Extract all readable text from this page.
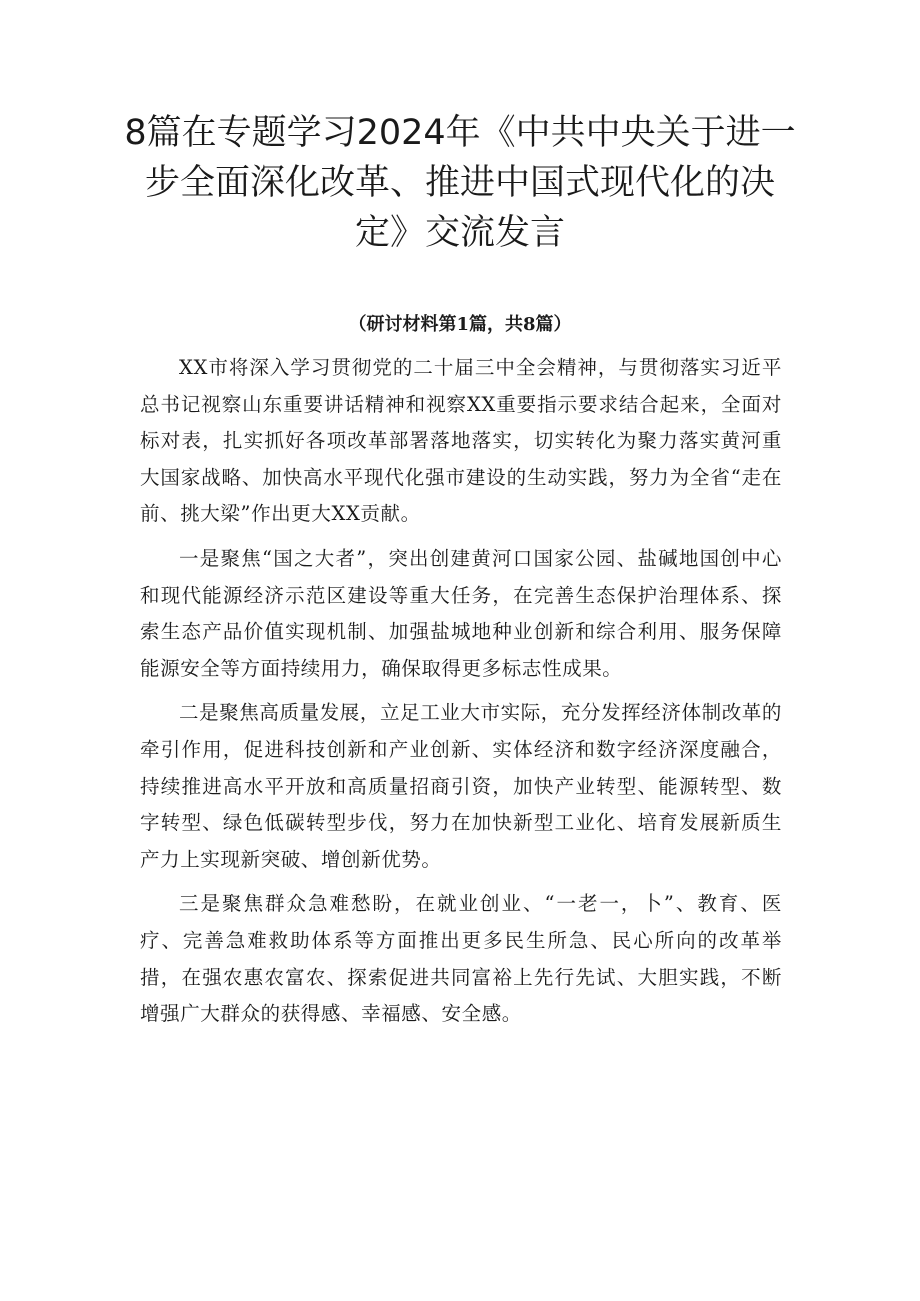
8篇在专题学习2024年《中共中央关于进一步全面深化改革、推进中国式现代化的决定》交流发言
（研讨材料第1篇，共8篇）

XX市将深入学习贯彻党的二十届三中全会精神，与贯彻落实习近平总书记视察山东重要讲话精神和视察XX重要指示要求结合起来，全面对标对表，扎实抓好各项改革部署落地落实，切实转化为聚力落实黄河重大国家战略、加快高水平现代化强市建设的生动实践，努力为全省“走在前、挑大梁”作出更大XX贡献。

一是聚焦“国之大者”，突出创建黄河口国家公园、盐碱地国创中心和现代能源经济示范区建设等重大任务，在完善生态保护治理体系、探索生态产品价值实现机制、加强盐城地种业创新和综合利用、服务保障能源安全等方面持续用力，确保取得更多标志性成果。

二是聚焦高质量发展，立足工业大市实际，充分发挥经济体制改革的牵引作用，促进科技创新和产业创新、实体经济和数字经济深度融合，持续推进高水平开放和高质量招商引资，加快产业转型、能源转型、数字转型、绿色低碳转型步伐，努力在加快新型工业化、培育发展新质生产力上实现新突破、增创新优势。

三是聚焦群众急难愁盼，在就业创业、“一老一，卜”、教育、医疗、完善急难救助体系等方面推出更多民生所急、民心所向的改革举措，在强农惠农富农、探索促进共同富裕上先行先试、大胆实践，不断增强广大群众的获得感、幸福感、安全感。
